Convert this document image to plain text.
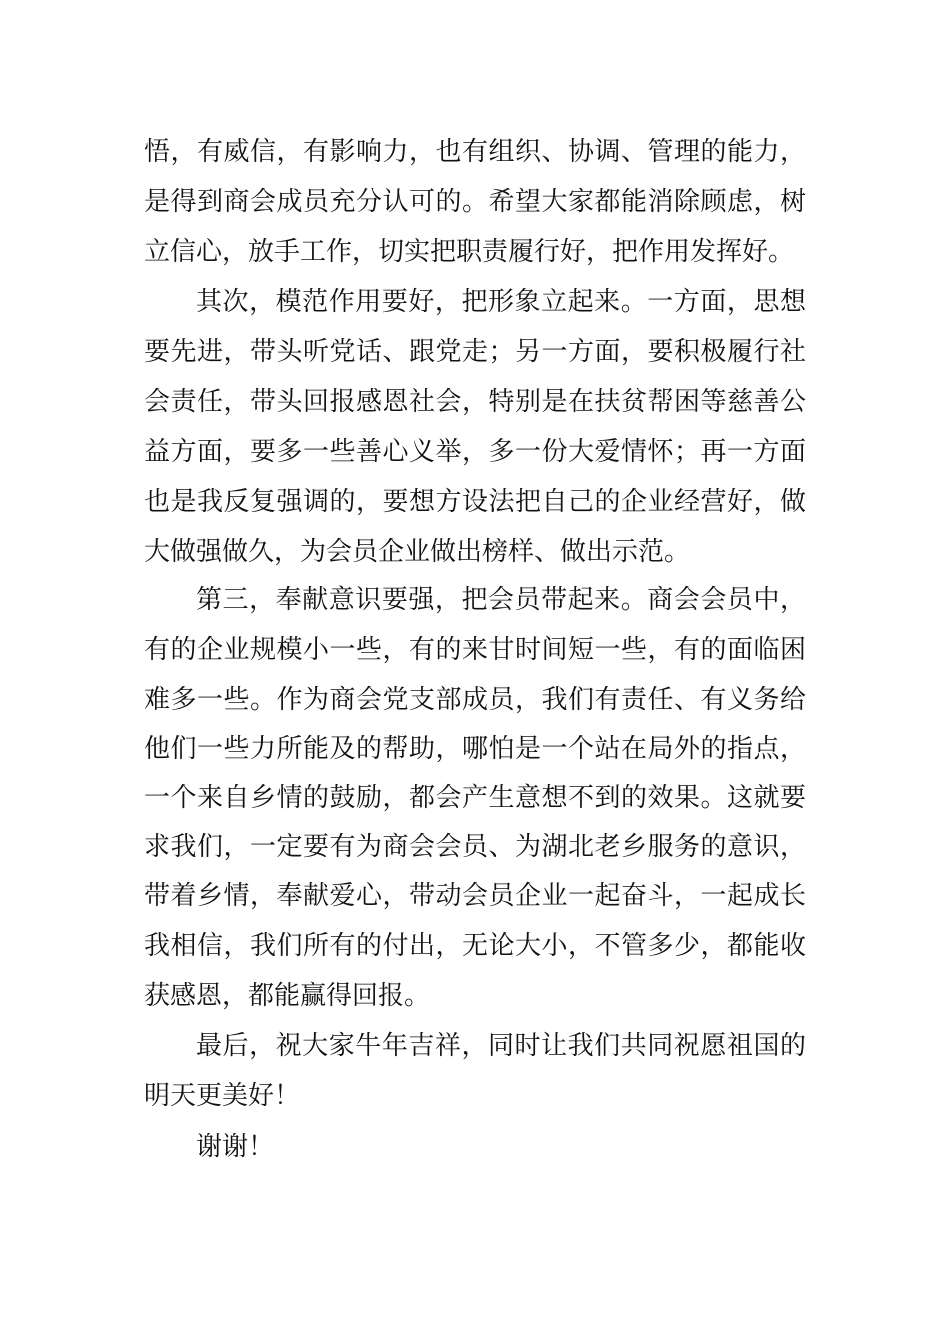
悟，有威信，有影响力，也有组织、协调、管理的能力，
是得到商会成员充分认可的。希望大家都能消除顾虑，树
立信心，放手工作，切实把职责履行好，把作用发挥好。
其次，模范作用要好，把形象立起来。一方面，思想
要先进，带头听党话、跟党走；另一方面，要积极履行社
会责任，带头回报感恩社会，特别是在扶贫帮困等慈善公
益方面，要多一些善心义举，多一份大爱情怀；再一方面
也是我反复强调的，要想方设法把自己的企业经营好，做
大做强做久，为会员企业做出榜样、做出示范。
第三，奉献意识要强，把会员带起来。商会会员中，
有的企业规模小一些，有的来甘时间短一些，有的面临困
难多一些。作为商会党支部成员，我们有责任、有义务给
他们一些力所能及的帮助，哪怕是一个站在局外的指点，
一个来自乡情的鼓励，都会产生意想不到的效果。这就要
求我们，一定要有为商会会员、为湖北老乡服务的意识，
带着乡情，奉献爱心，带动会员企业一起奋斗，一起成长
我相信，我们所有的付出，无论大小，不管多少，都能收
获感恩，都能赢得回报。
最后，祝大家牛年吉祥，同时让我们共同祝愿祖国的
明天更美好！
谢谢！
